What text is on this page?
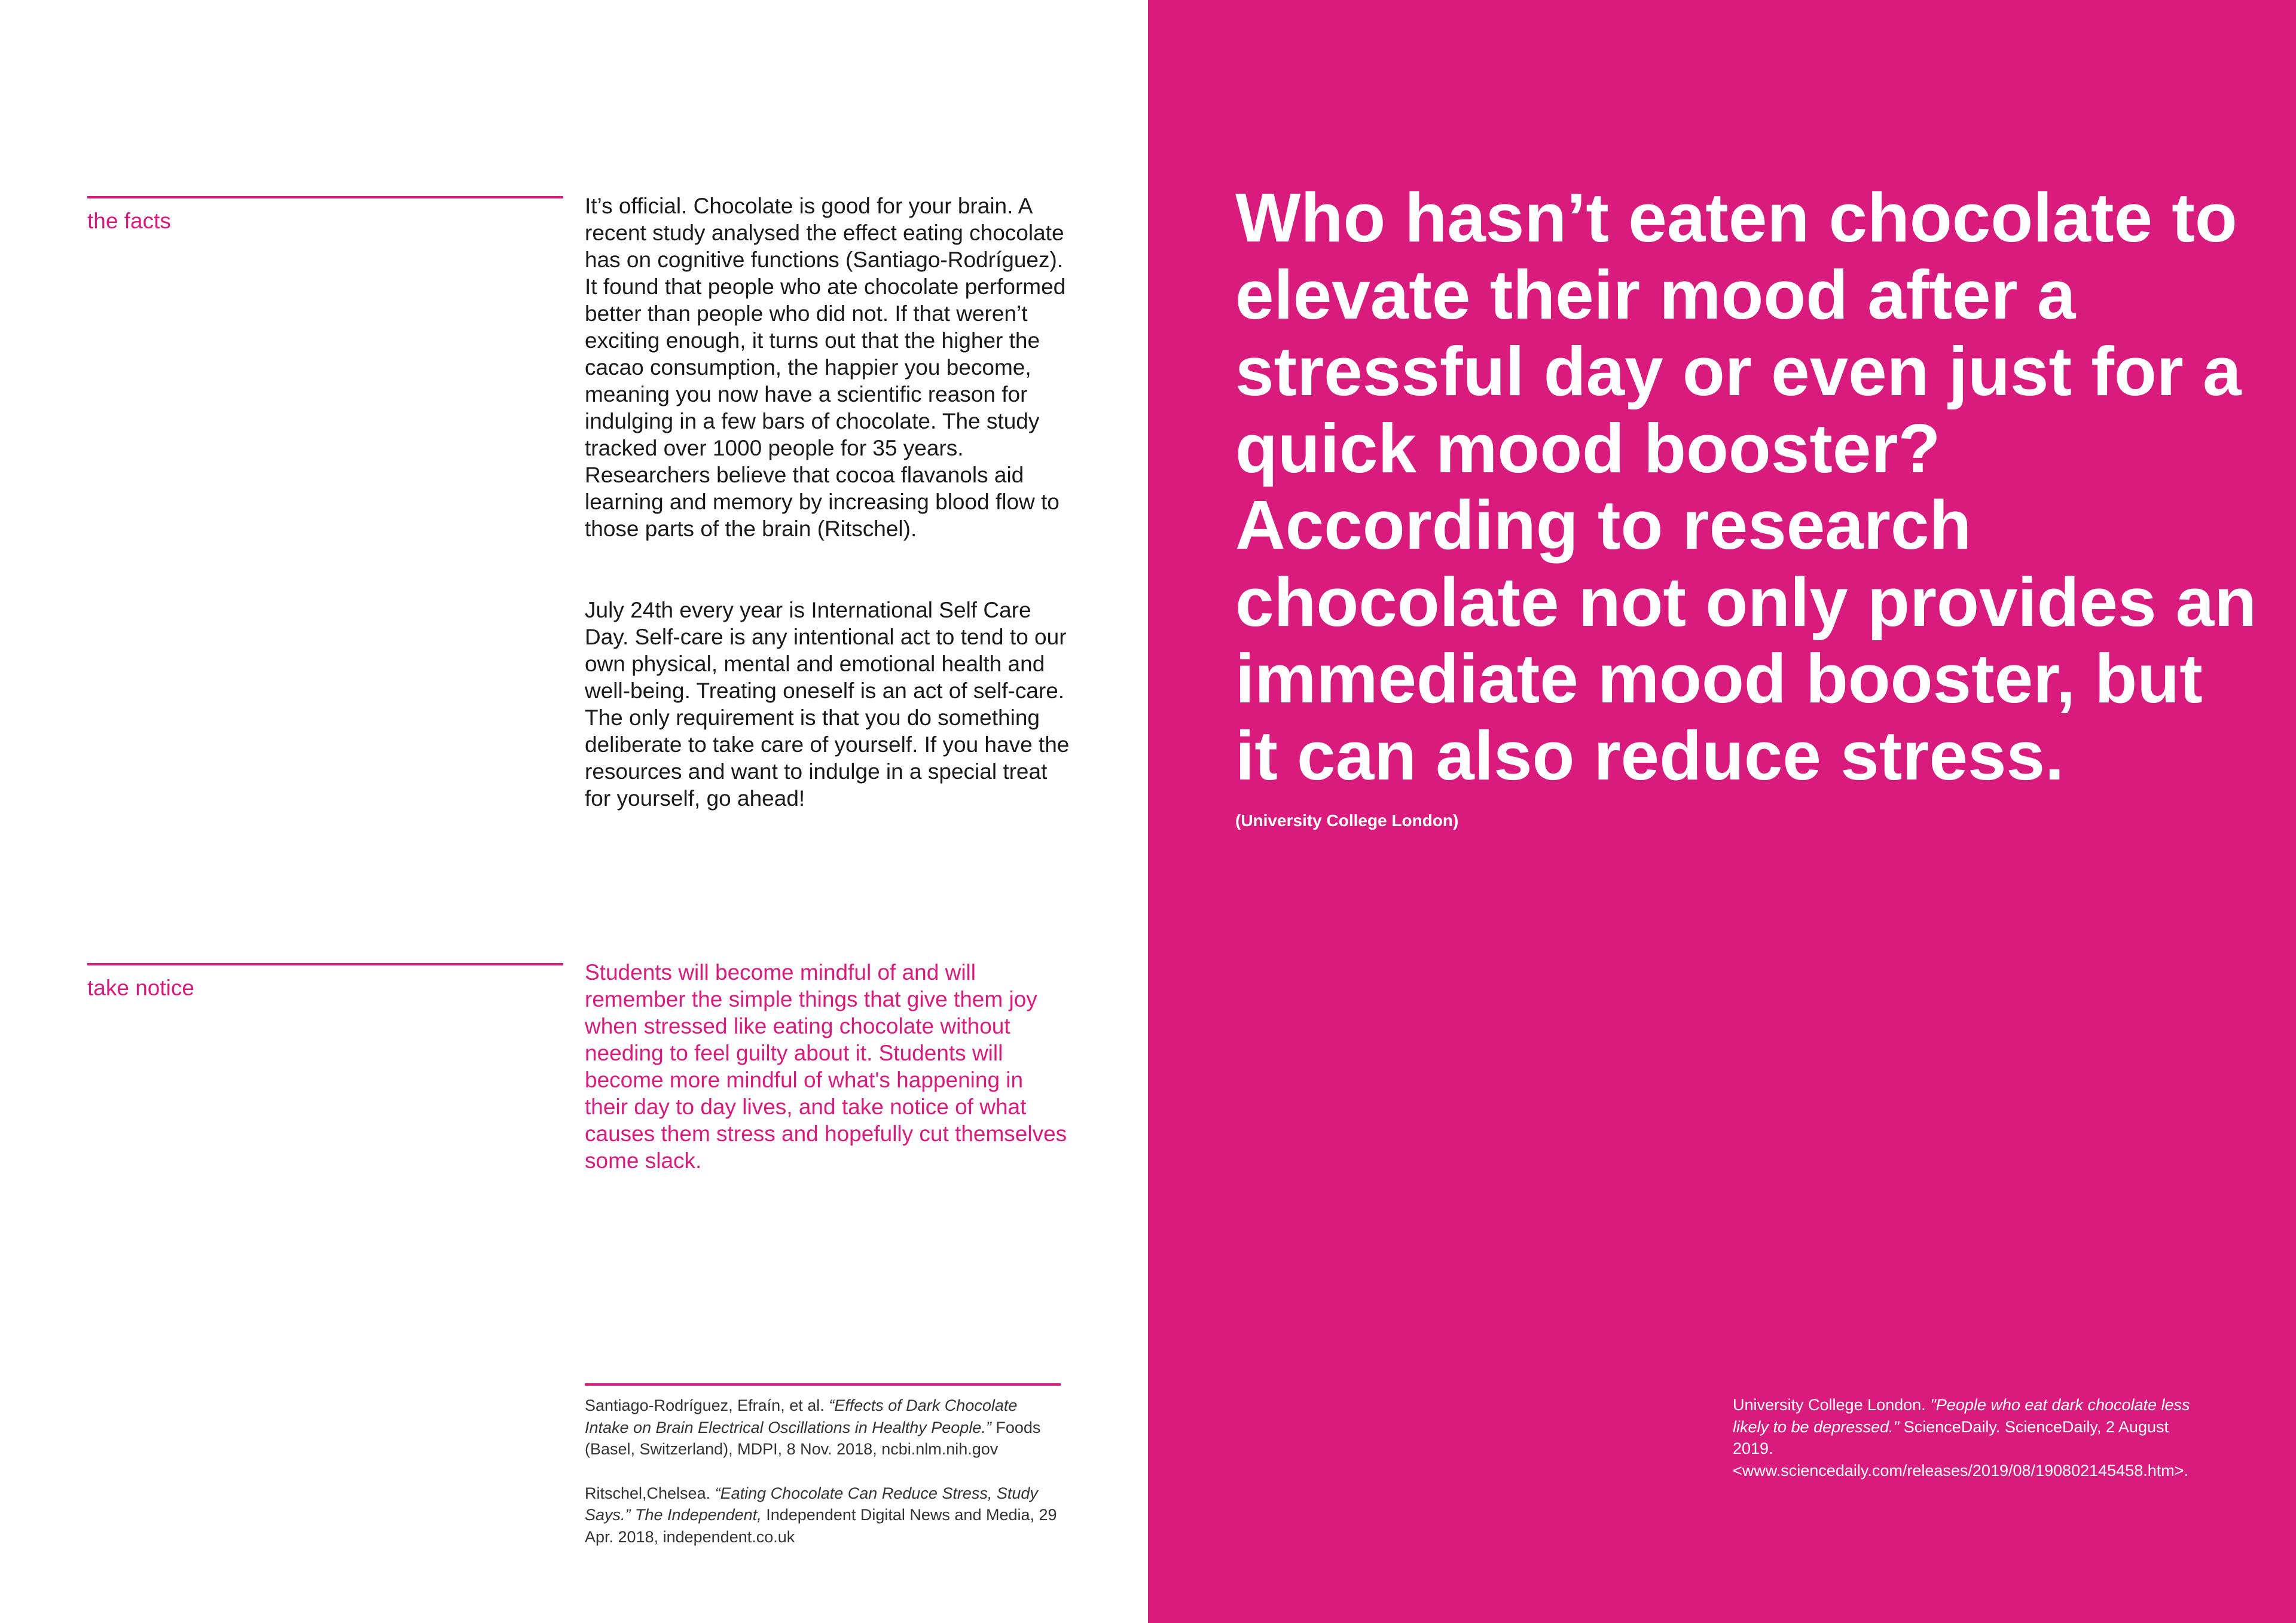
the facts

It’s official. Chocolate is good for your brain. A recent study analysed the effect eating chocolate has on cognitive functions (Santiago-Rodríguez). It found that people who ate chocolate performed better than people who did not. If that weren’t exciting enough, it turns out that the higher the cacao consumption, the happier you become, meaning you now have a scientific reason for indulging in a few bars of chocolate. The study tracked over 1000 people for 35 years. Researchers believe that cocoa flavanols aid learning and memory by increasing blood flow to those parts of the brain (Ritschel).

July 24th every year is International Self Care Day. Self-care is any intentional act to tend to our own physical, mental and emotional health and well-being. Treating oneself is an act of self-care. The only requirement is that you do something deliberate to take care of yourself. If you have the resources and want to indulge in a special treat for yourself, go ahead!

take notice

Students will become mindful of and will remember the simple things that give them joy when stressed like eating chocolate without needing to feel guilty about it. Students will become more mindful of what's happening in their day to day lives, and take notice of what causes them stress and hopefully cut themselves some slack.

Santiago-Rodríguez, Efraín, et al. “Effects of Dark Chocolate Intake on Brain Electrical Oscillations in Healthy People.” Foods (Basel, Switzerland), MDPI, 8 Nov. 2018, ncbi.nlm.nih.gov

Ritschel,Chelsea. “Eating Chocolate Can Reduce Stress, Study Says.” The Independent, Independent Digital News and Media, 29 Apr. 2018, independent.co.uk

Who hasn’t eaten chocolate to elevate their mood after a stressful day or even just for a quick mood booster? According to research chocolate not only provides an immediate mood booster, but it can also reduce stress.

(University College London)

University College London. "People who eat dark chocolate less likely to be depressed." ScienceDaily. ScienceDaily, 2 August 2019. <www.sciencedaily.com/releases/2019/08/190802145458.htm>.
